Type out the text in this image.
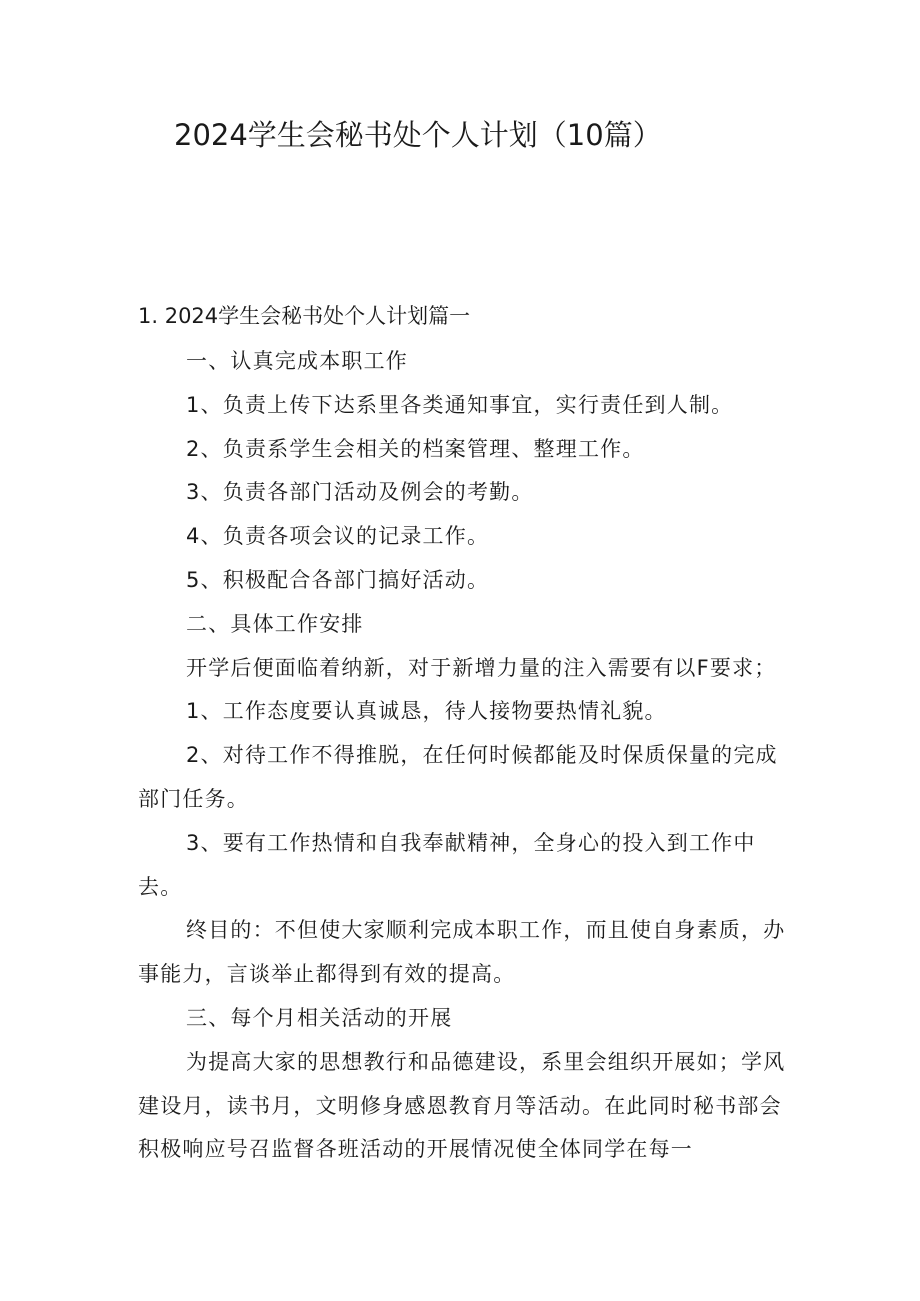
2024学生会秘书处个人计划（10篇）
1. 2024学生会秘书处个人计划篇一

一、认真完成本职工作

1、负责上传下达系里各类通知事宜，实行责任到人制。

2、负责系学生会相关的档案管理、整理工作。

3、负责各部门活动及例会的考勤。

4、负责各项会议的记录工作。

5、积极配合各部门搞好活动。

二、具体工作安排

开学后便面临着纳新，对于新增力量的注入需要有以F要求；

1、工作态度要认真诚恳，待人接物要热情礼貌。

2、对待工作不得推脱，在任何时候都能及时保质保量的完成部门任务。

3、要有工作热情和自我奉献精神，全身心的投入到工作中去。

终目的：不但使大家顺利完成本职工作，而且使自身素质，办事能力，言谈举止都得到有效的提高。

三、每个月相关活动的开展

为提高大家的思想教行和品德建设，系里会组织开展如；学风建设月，读书月，文明修身感恩教育月等活动。在此同时秘书部会积极响应号召监督各班活动的开展情况使全体同学在每一
